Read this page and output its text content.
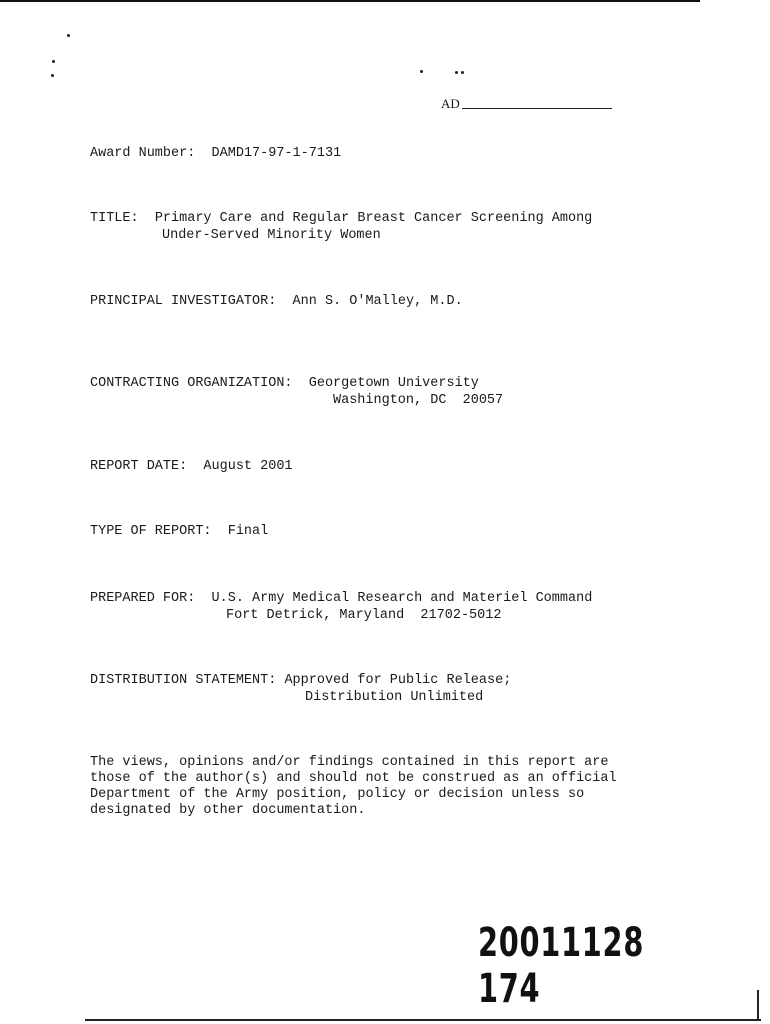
AD
Award Number: DAMD17-97-1-7131
TITLE: Primary Care and Regular Breast Cancer Screening Among
Under-Served Minority Women
PRINCIPAL INVESTIGATOR: Ann S. O'Malley, M.D.
CONTRACTING ORGANIZATION: Georgetown University
Washington, DC  20057
REPORT DATE: August 2001
TYPE OF REPORT: Final
PREPARED FOR: U.S. Army Medical Research and Materiel Command
Fort Detrick, Maryland  21702-5012
DISTRIBUTION STATEMENT: Approved for Public Release;
Distribution Unlimited
The views, opinions and/or findings contained in this report are
those of the author(s) and should not be construed as an official
Department of the Army position, policy or decision unless so
designated by other documentation.
20011128 174
